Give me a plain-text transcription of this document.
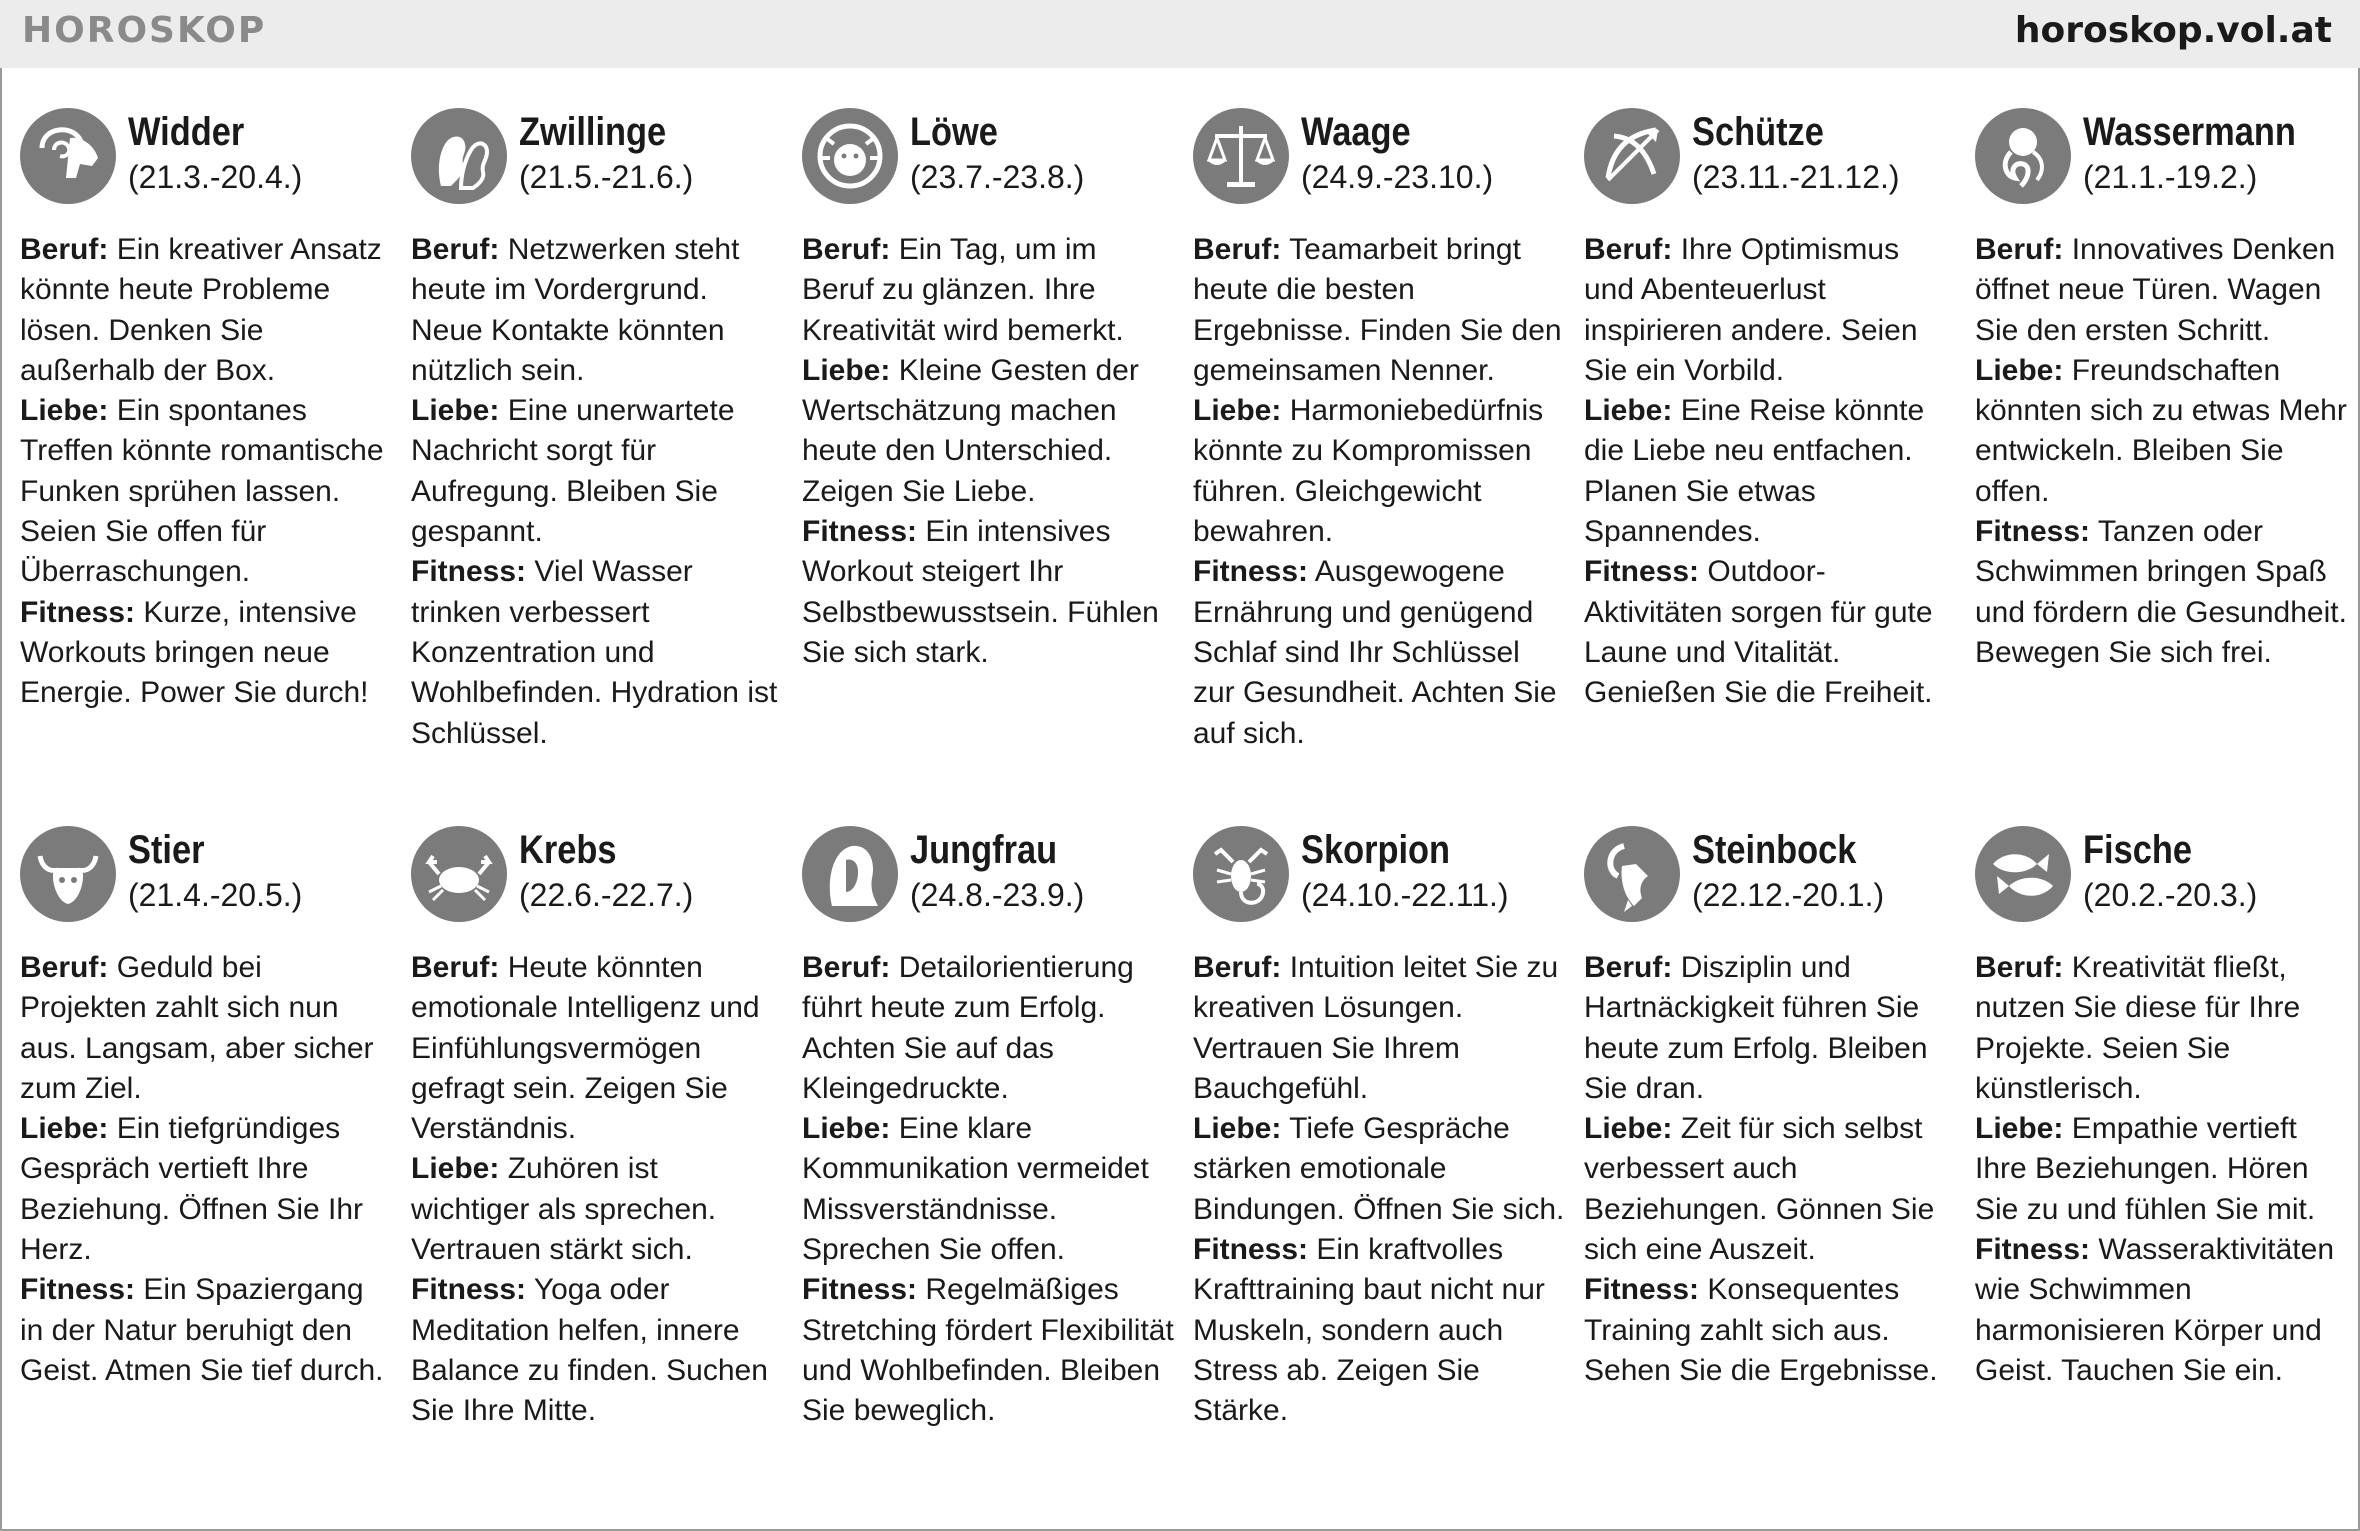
HOROSKOP	horoskop.vol.at
Widder
(21.3.-20.4.)

Beruf: Ein kreativer Ansatz könnte heute Probleme lösen. Denken Sie außerhalb der Box.

Liebe: Ein spontanes Treffen könnte romantische Funken sprühen lassen. Seien Sie offen für Überraschungen.

Fitness: Kurze, intensive Workouts bringen neue Energie. Power Sie durch!

Zwillinge
(21.5.-21.6.)

Beruf: Netzwerken steht heute im Vordergrund. Neue Kontakte könnten nützlich sein.

Liebe: Eine unerwartete Nachricht sorgt für Aufregung. Bleiben Sie gespannt.

Fitness: Viel Wasser trinken verbessert Konzentration und Wohlbefinden. Hydration ist Schlüssel.

Löwe
(23.7.-23.8.)

Beruf: Ein Tag, um im Beruf zu glänzen. Ihre Kreativität wird bemerkt.

Liebe: Kleine Gesten der Wertschätzung machen heute den Unterschied. Zeigen Sie Liebe.

Fitness: Ein intensives Workout steigert Ihr Selbstbewusstsein. Fühlen Sie sich stark.

Waage
(24.9.-23.10.)

Beruf: Teamarbeit bringt heute die besten Ergebnisse. Finden Sie den gemeinsamen Nenner.

Liebe: Harmoniebedürfnis könnte zu Kompromissen führen. Gleichgewicht bewahren.

Fitness: Ausgewogene Ernährung und genügend Schlaf sind Ihr Schlüssel zur Gesundheit. Achten Sie auf sich.

Schütze
(23.11.-21.12.)

Beruf: Ihre Optimismus und Abenteuerlust inspirieren andere. Seien Sie ein Vorbild.

Liebe: Eine Reise könnte die Liebe neu entfachen. Planen Sie etwas Spannendes.

Fitness: Outdoor-Aktivitäten sorgen für gute Laune und Vitalität. Genießen Sie die Freiheit.

Wassermann
(21.1.-19.2.)

Beruf: Innovatives Denken öffnet neue Türen. Wagen Sie den ersten Schritt.

Liebe: Freundschaften könnten sich zu etwas Mehr entwickeln. Bleiben Sie offen.

Fitness: Tanzen oder Schwimmen bringen Spaß und fördern die Gesundheit. Bewegen Sie sich frei.

Stier
(21.4.-20.5.)

Beruf: Geduld bei Projekten zahlt sich nun aus. Langsam, aber sicher zum Ziel.

Liebe: Ein tiefgründiges Gespräch vertieft Ihre Beziehung. Öffnen Sie Ihr Herz.

Fitness: Ein Spaziergang in der Natur beruhigt den Geist. Atmen Sie tief durch.

Krebs
(22.6.-22.7.)

Beruf: Heute könnten emotionale Intelligenz und Einfühlungsvermögen gefragt sein. Zeigen Sie Verständnis.

Liebe: Zuhören ist wichtiger als sprechen. Vertrauen stärkt sich.

Fitness: Yoga oder Meditation helfen, innere Balance zu finden. Suchen Sie Ihre Mitte.

Jungfrau
(24.8.-23.9.)

Beruf: Detailorientierung führt heute zum Erfolg. Achten Sie auf das Kleingedruckte.

Liebe: Eine klare Kommunikation vermeidet Missverständnisse. Sprechen Sie offen.

Fitness: Regelmäßiges Stretching fördert Flexibilität und Wohlbefinden. Bleiben Sie beweglich.

Skorpion
(24.10.-22.11.)

Beruf: Intuition leitet Sie zu kreativen Lösungen. Vertrauen Sie Ihrem Bauchgefühl.

Liebe: Tiefe Gespräche stärken emotionale Bindungen. Öffnen Sie sich.

Fitness: Ein kraftvolles Krafttraining baut nicht nur Muskeln, sondern auch Stress ab. Zeigen Sie Stärke.

Steinbock
(22.12.-20.1.)

Beruf: Disziplin und Hartnäckigkeit führen Sie heute zum Erfolg. Bleiben Sie dran.

Liebe: Zeit für sich selbst verbessert auch Beziehungen. Gönnen Sie sich eine Auszeit.

Fitness: Konsequentes Training zahlt sich aus. Sehen Sie die Ergebnisse.

Fische
(20.2.-20.3.)

Beruf: Kreativität fließt, nutzen Sie diese für Ihre Projekte. Seien Sie künstlerisch.

Liebe: Empathie vertieft Ihre Beziehungen. Hören Sie zu und fühlen Sie mit.

Fitness: Wasseraktivitäten wie Schwimmen harmonisieren Körper und Geist. Tauchen Sie ein.
